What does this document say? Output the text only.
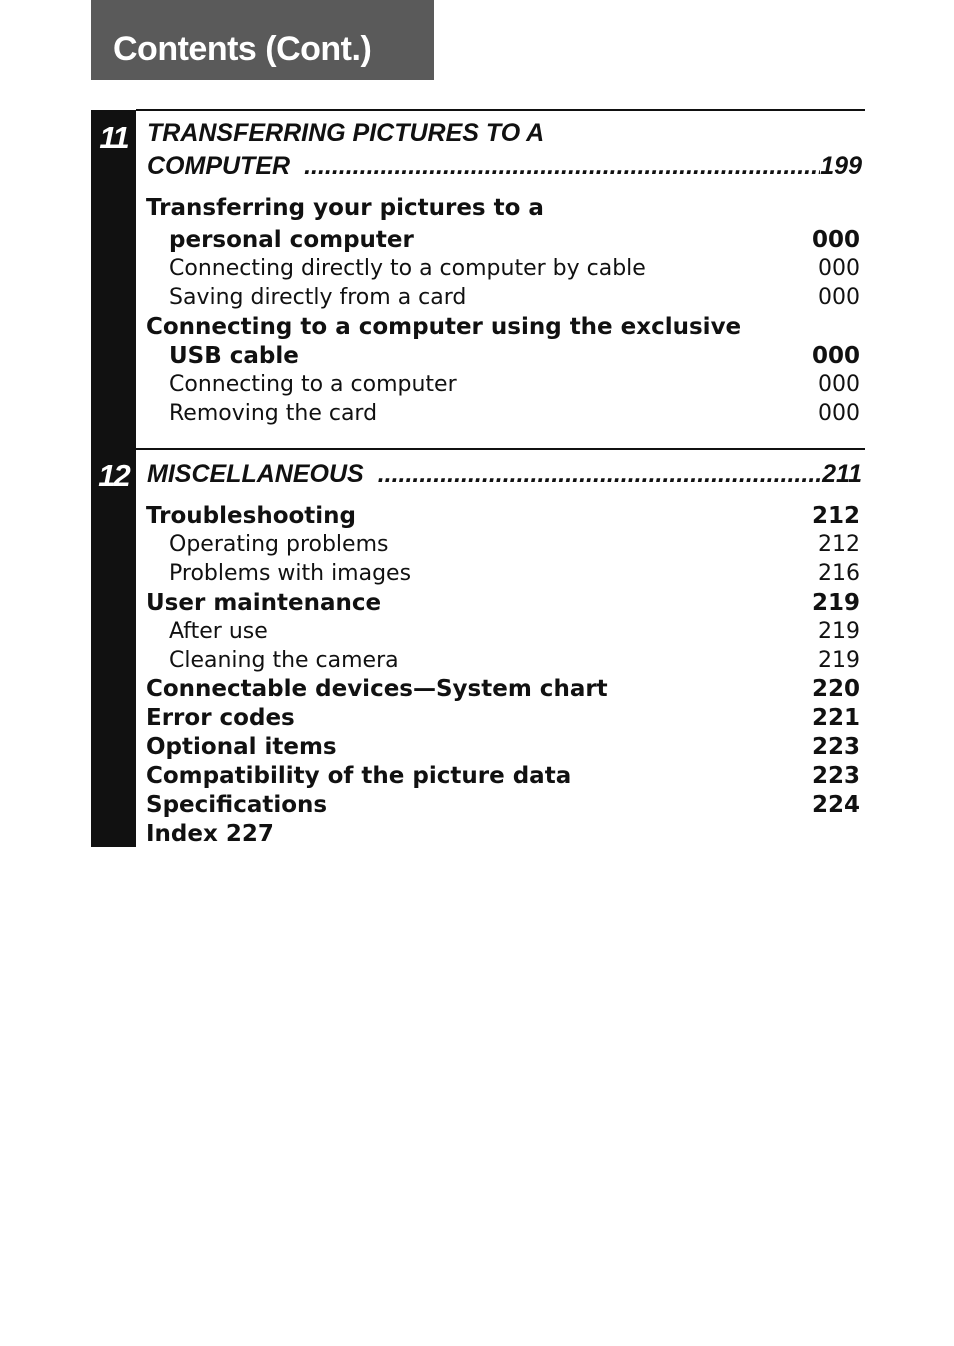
Contents (Cont.)
11
12
TRANSFERRING PICTURES TO A
COMPUTER .....	199
Transferring your pictures to a
personal computer	000
Connecting directly to a computer by cable	000
Saving directly from a card	000
Connecting to a computer using the exclusive
USB cable	000
Connecting to a computer	000
Removing the card	000
MISCELLANEOUS .....	211
Troubleshooting	212
Operating problems	212
Problems with images	216
User maintenance	219
After use	219
Cleaning the camera	219
Connectable devices—System chart	220
Error codes	221
Optional items	223
Compatibility of the picture data	223
Specifications	224
Index 227
